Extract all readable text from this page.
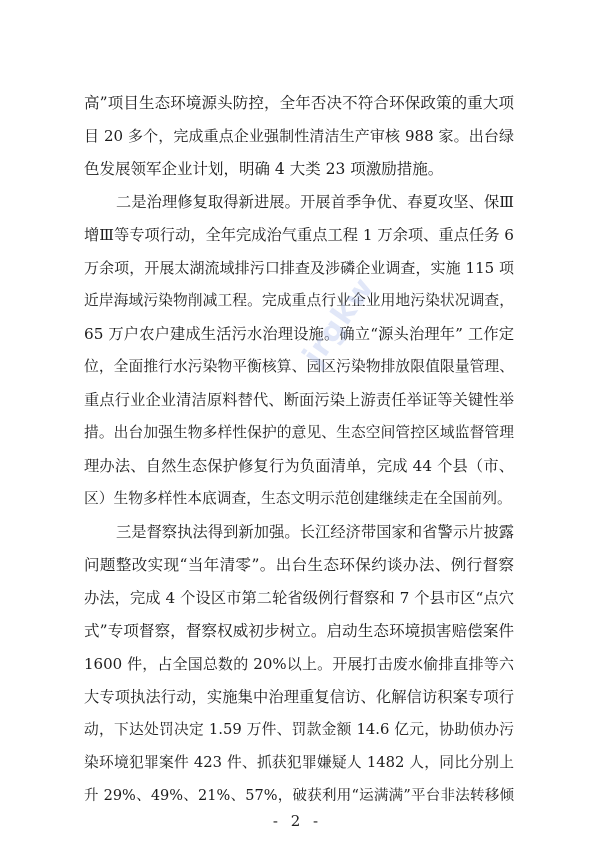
高”项目生态环境源头防控，全年否决不符合环保政策的重大项
目 20 多个，完成重点企业强制性清洁生产审核 988 家。出台绿
色发展领军企业计划，明确 4 大类 23 项激励措施。
二是治理修复取得新进展。开展首季争优、春夏攻坚、保Ⅲ
增Ⅲ等专项行动，全年完成治气重点工程 1 万余项、重点任务 6
万余项，开展太湖流域排污口排查及涉磷企业调查，实施 115 项
近岸海域污染物削减工程。完成重点行业企业用地污染状况调查，
65 万户农户建成生活污水治理设施。确立“源头治理年” 工作定
位，全面推行水污染物平衡核算、园区污染物排放限值限量管理、
重点行业企业清洁原料替代、断面污染上游责任举证等关键性举
措。出台加强生物多样性保护的意见、生态空间管控区域监督管理
理办法、自然生态保护修复行为负面清单，完成 44 个县（市、
区）生物多样性本底调查，生态文明示范创建继续走在全国前列。
三是督察执法得到新加强。长江经济带国家和省警示片披露
问题整改实现“当年清零”。出台生态环保约谈办法、例行督察
办法，完成 4 个设区市第二轮省级例行督察和 7 个县市区“点穴
式”专项督察，督察权威初步树立。启动生态环境损害赔偿案件
1600 件，占全国总数的 20%以上。开展打击废水偷排直排等六
大专项执法行动，实施集中治理重复信访、化解信访积案专项行
动，下达处罚决定 1.59 万件、罚款金额 14.6 亿元，协助侦办污
染环境犯罪案件 423 件、抓获犯罪嫌疑人 1482 人，同比分别上
升 29%、49%、21%、57%，破获利用“运满满”平台非法转移倾
jrgkw
- 2 -
